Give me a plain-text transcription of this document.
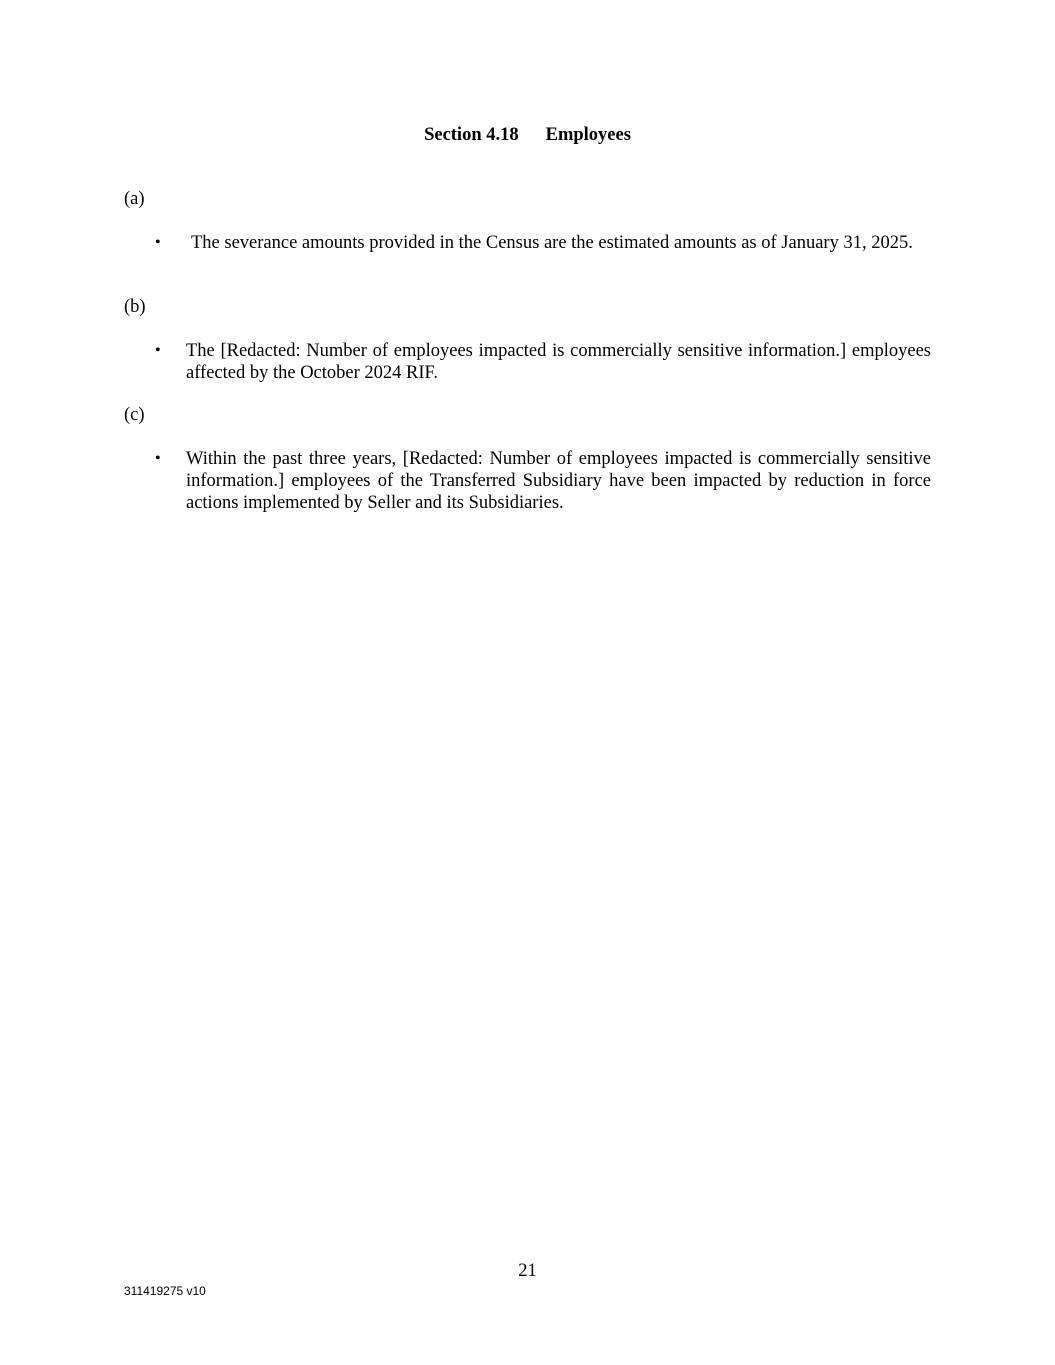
Section 4.18 Employees
(a)
•	The severance amounts provided in the Census are the estimated amounts as of January 31, 2025.
(b)
•	The [Redacted: Number of employees impacted is commercially sensitive information.] employees affected by the October 2024 RIF.
(c)
•	Within the past three years, [Redacted: Number of employees impacted is commercially sensitive information.] employees of the Transferred Subsidiary have been impacted by reduction in force actions implemented by Seller and its Subsidiaries.
21
311419275 v10
